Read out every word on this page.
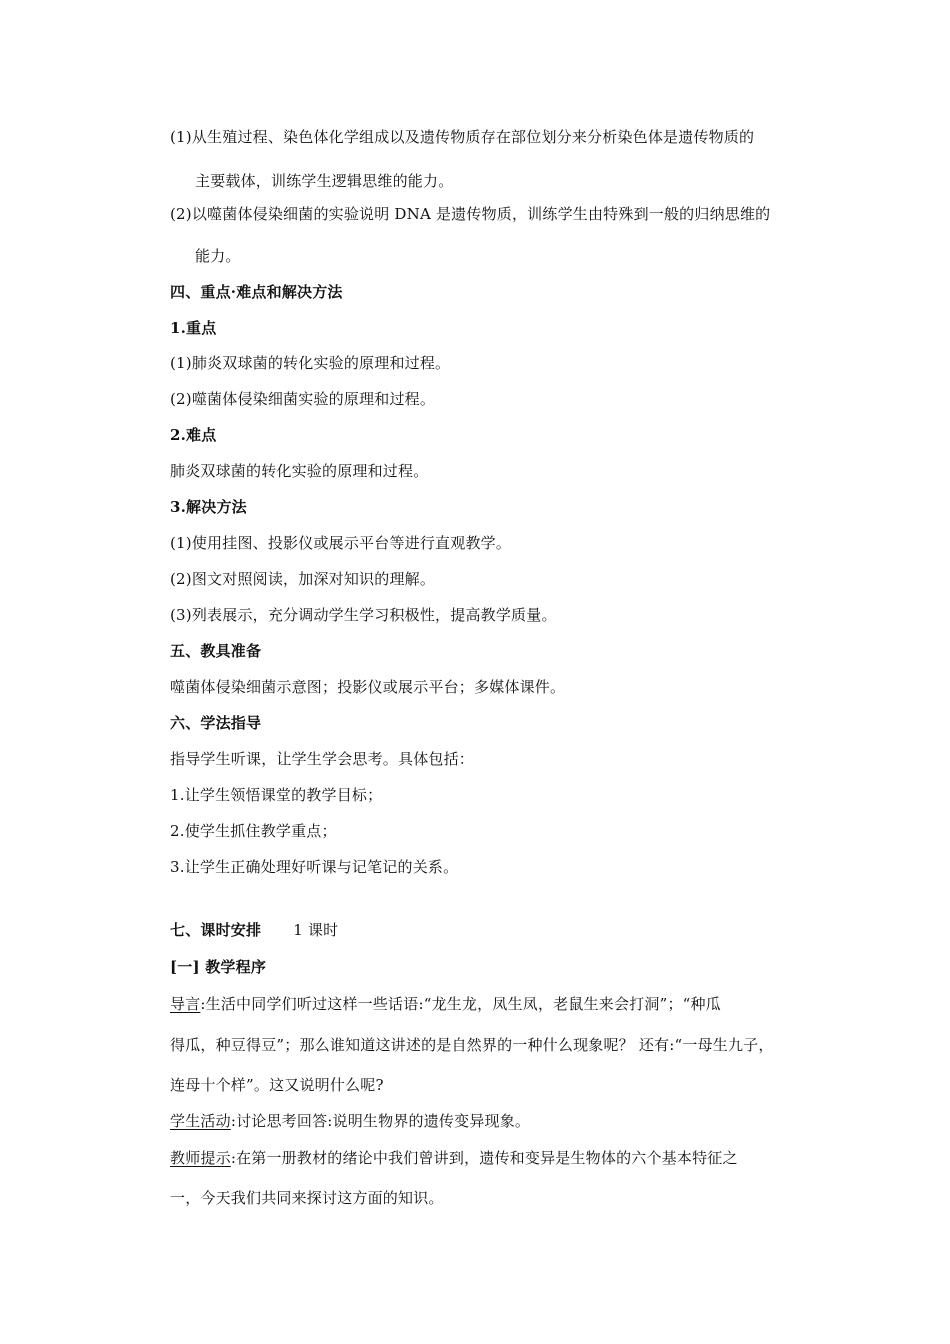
(1)从生殖过程、染色体化学组成以及遗传物质存在部位划分来分析染色体是遗传物质的
主要载体，训练学生逻辑思维的能力。
(2)以噬菌体侵染细菌的实验说明 DNA 是遗传物质，训练学生由特殊到一般的归纳思维的
能力。
四、重点·难点和解决方法
1.重点
(1)肺炎双球菌的转化实验的原理和过程。
(2)噬菌体侵染细菌实验的原理和过程。
2.难点
肺炎双球菌的转化实验的原理和过程。
3.解决方法
(1)使用挂图、投影仪或展示平台等进行直观教学。
(2)图文对照阅读，加深对知识的理解。
(3)列表展示，充分调动学生学习积极性，提高教学质量。
五、教具准备
噬菌体侵染细菌示意图；投影仪或展示平台；多媒体课件。
六、学法指导
指导学生听课，让学生学会思考。具体包括：
1.让学生领悟课堂的教学目标；
2.使学生抓住教学重点；
3.让学生正确处理好听课与记笔记的关系。
七、课时安排 1 课时
[一] 教学程序
导言:生活中同学们听过这样一些话语:“龙生龙，凤生凤，老鼠生来会打洞”；“种瓜
得瓜，种豆得豆”；那么谁知道这讲述的是自然界的一种什么现象呢？ 还有:“一母生九子，
连母十个样”。这又说明什么呢?
学生活动:讨论思考回答:说明生物界的遗传变异现象。
教师提示:在第一册教材的绪论中我们曾讲到，遗传和变异是生物体的六个基本特征之
一，今天我们共同来探讨这方面的知识。
